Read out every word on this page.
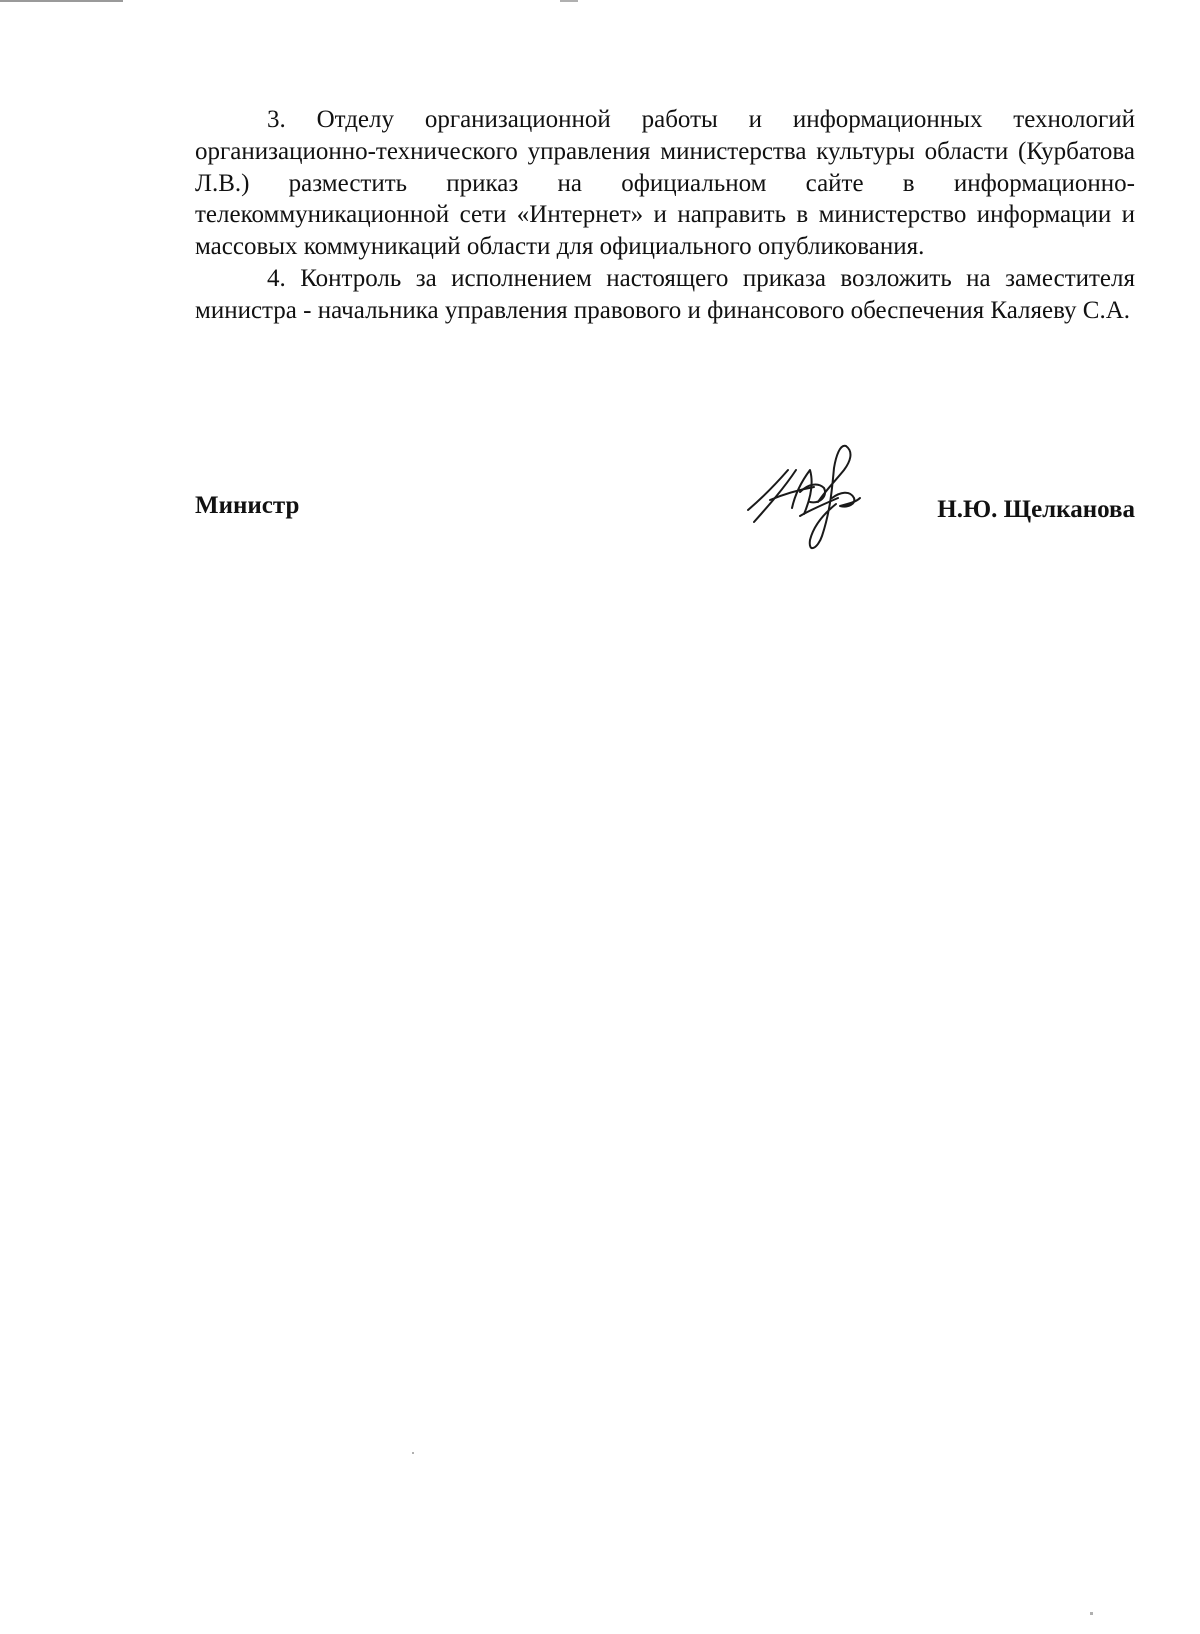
3. Отделу организационной работы и информационных технологий организационно-технического управления министерства культуры области (Курбатова Л.В.) разместить приказ на официальном сайте в информационно-телекоммуникационной сети «Интернет» и направить в министерство информации и массовых коммуникаций области для официального опубликования.

4. Контроль за исполнением настоящего приказа возложить на заместителя министра - начальника управления правового и финансового обеспечения Каляеву С.А.

Министр	Н.Ю. Щелканова
